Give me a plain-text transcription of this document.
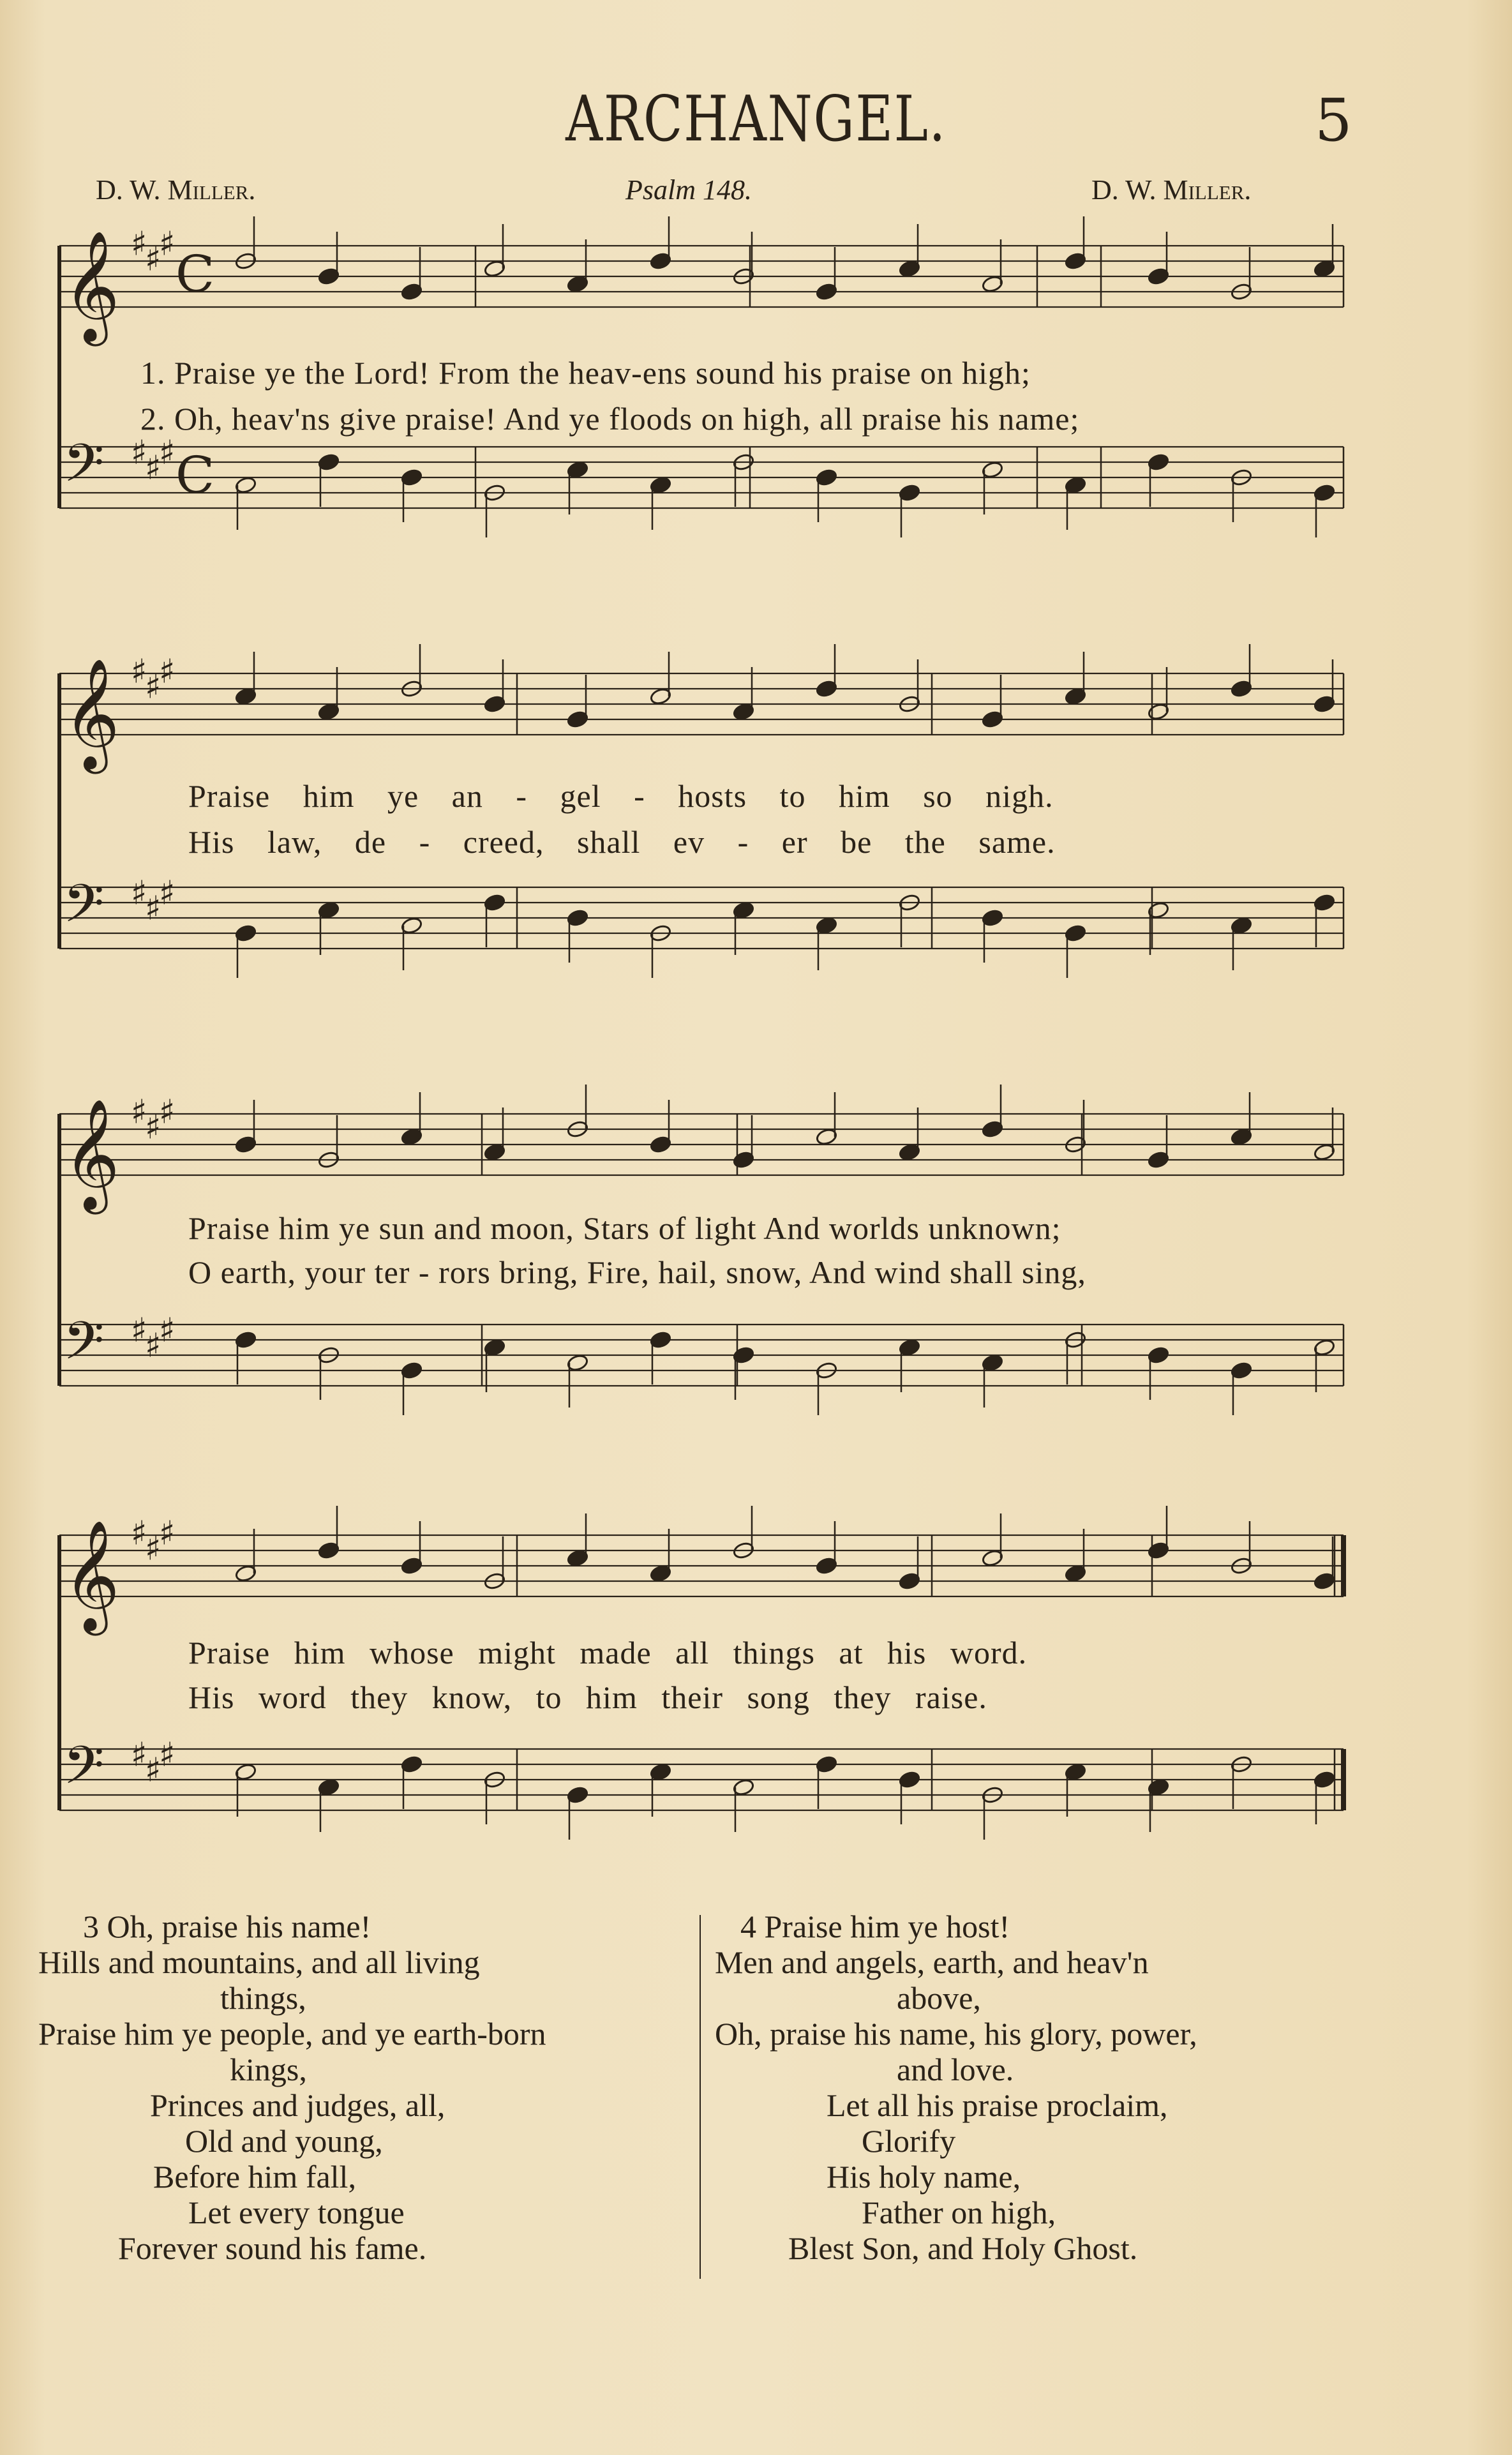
ARCHANGEL.	5
D. W. Miller.	Psalm 148.	D. W. Miller.
𝄞 ♯
♯
♯
C
𝄢 ♯
♯
♯ C
1. Praise ye the Lord! From the heav-ens sound his praise on high;
2. Oh, heav'ns give praise! And ye floods on high, all praise his name;
𝄞 ♯
♯
♯
𝄢 ♯
♯
♯
Praise him ye an - gel - hosts to him so nigh.
His law, de - creed, shall ev - er be the same.
𝄞 ♯
♯
♯
𝄢 ♯
♯
♯
Praise him ye sun and moon, Stars of light And worlds unknown;
O earth, your ter - rors bring, Fire, hail, snow, And wind shall sing,
𝄞 ♯
♯
♯
𝄢 ♯
♯
♯
Praise him whose might made all things at his word.
His word they know, to him their song they raise.
3 Oh, praise his name!
Hills and mountains, and all living
things,
Praise him ye people, and ye earth-born
kings,
Princes and judges, all,
Old and young,
Before him fall,
Let every tongue
Forever sound his fame.
4 Praise him ye host!
Men and angels, earth, and heav'n
above,
Oh, praise his name, his glory, power,
and love.
Let all his praise proclaim,
Glorify
His holy name,
Father on high,
Blest Son, and Holy Ghost.
